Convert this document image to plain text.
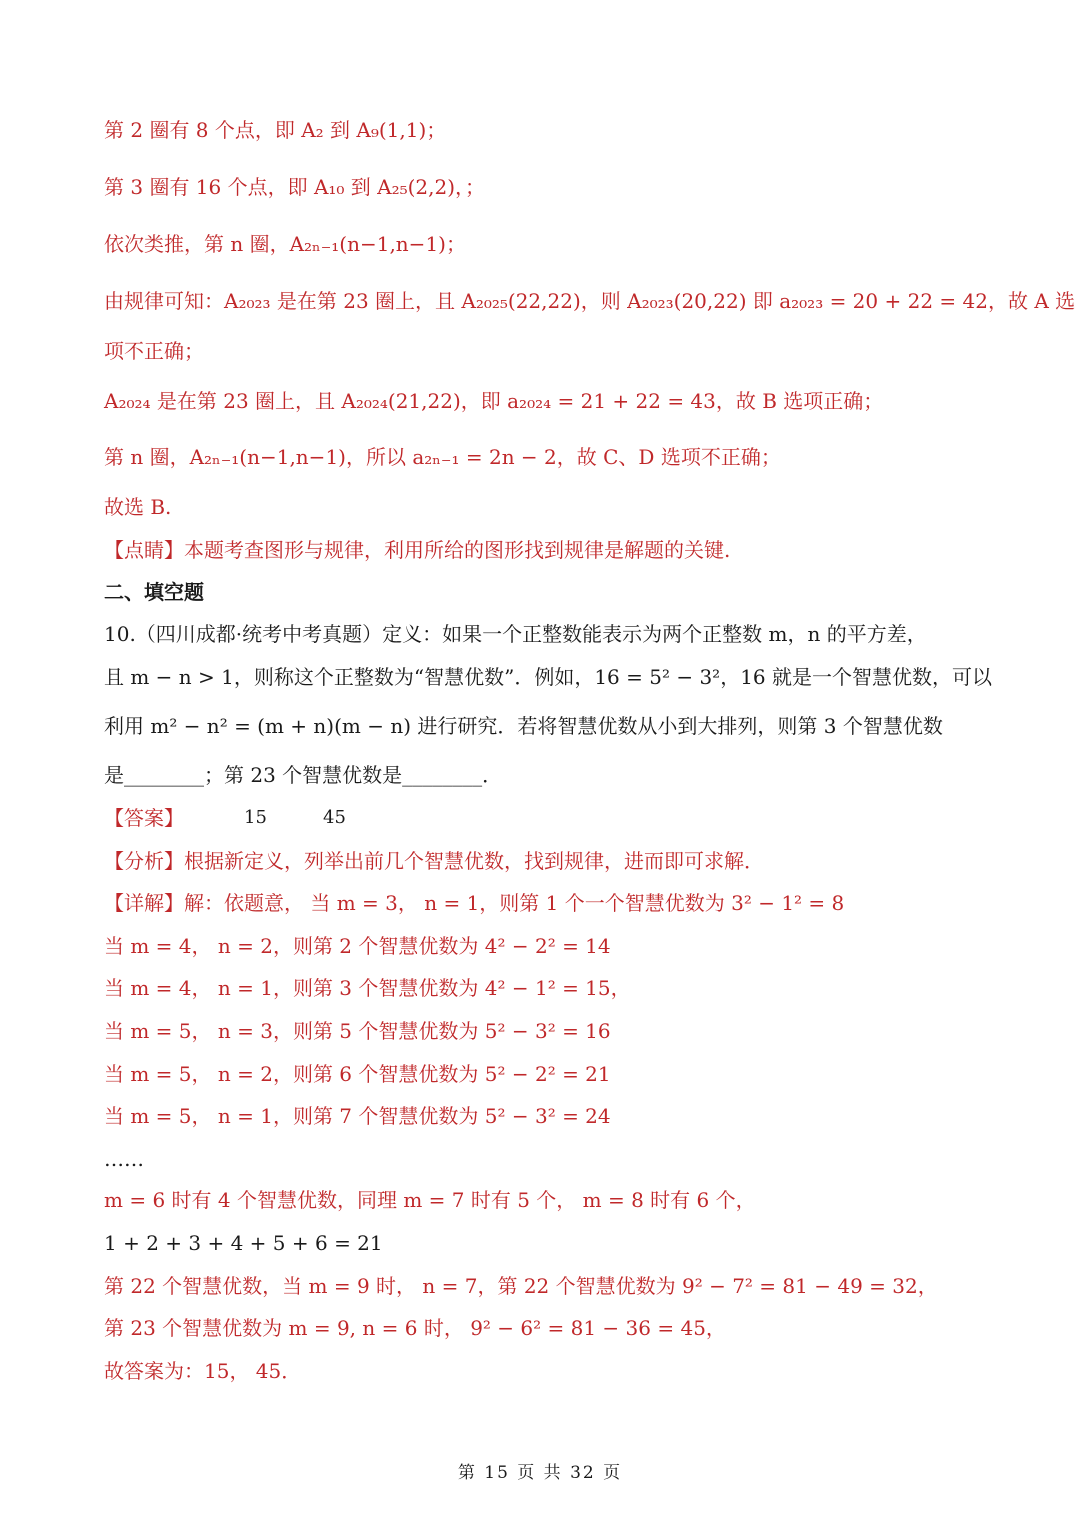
第 2 圈有 8 个点，即 A₂ 到 A₉(1,1)；
第 3 圈有 16 个点，即 A₁₀ 到 A₂₅(2,2)，；
依次类推，第 n 圈，A₂ₙ₋₁(n−1,n−1)；
由规律可知：A₂₀₂₃ 是在第 23 圈上，且 A₂₀₂₅(22,22)，则 A₂₀₂₃(20,22) 即 a₂₀₂₃ = 20 + 22 = 42，故 A 选
项不正确；
A₂₀₂₄ 是在第 23 圈上，且 A₂₀₂₄(21,22)，即 a₂₀₂₄ = 21 + 22 = 43，故 B 选项正确；
第 n 圈，A₂ₙ₋₁(n−1,n−1)，所以 a₂ₙ₋₁ = 2n − 2，故 C、D 选项不正确；
故选 B.
【点睛】本题考查图形与规律，利用所给的图形找到规律是解题的关键.
二、填空题
10.（四川成都·统考中考真题）定义：如果一个正整数能表示为两个正整数 m，n 的平方差，
且 m − n > 1，则称这个正整数为“智慧优数”．例如，16 = 5² − 3²，16 就是一个智慧优数，可以
利用 m² − n² = (m + n)(m − n) 进行研究．若将智慧优数从小到大排列，则第 3 个智慧优数
是________；第 23 个智慧优数是________．
【答案】	15	45
【分析】根据新定义，列举出前几个智慧优数，找到规律，进而即可求解．
【详解】解：依题意， 当 m = 3， n = 1，则第 1 个一个智慧优数为 3² − 1² = 8
当 m = 4， n = 2，则第 2 个智慧优数为 4² − 2² = 14
当 m = 4， n = 1，则第 3 个智慧优数为 4² − 1² = 15，
当 m = 5， n = 3，则第 5 个智慧优数为 5² − 3² = 16
当 m = 5， n = 2，则第 6 个智慧优数为 5² − 2² = 21
当 m = 5， n = 1，则第 7 个智慧优数为 5² − 3² = 24
……
m = 6 时有 4 个智慧优数，同理 m = 7 时有 5 个， m = 8 时有 6 个，
1 + 2 + 3 + 4 + 5 + 6 = 21
第 22 个智慧优数，当 m = 9 时， n = 7，第 22 个智慧优数为 9² − 7² = 81 − 49 = 32，
第 23 个智慧优数为 m = 9, n = 6 时， 9² − 6² = 81 − 36 = 45，
故答案为：15， 45．
第 15 页 共 32 页
